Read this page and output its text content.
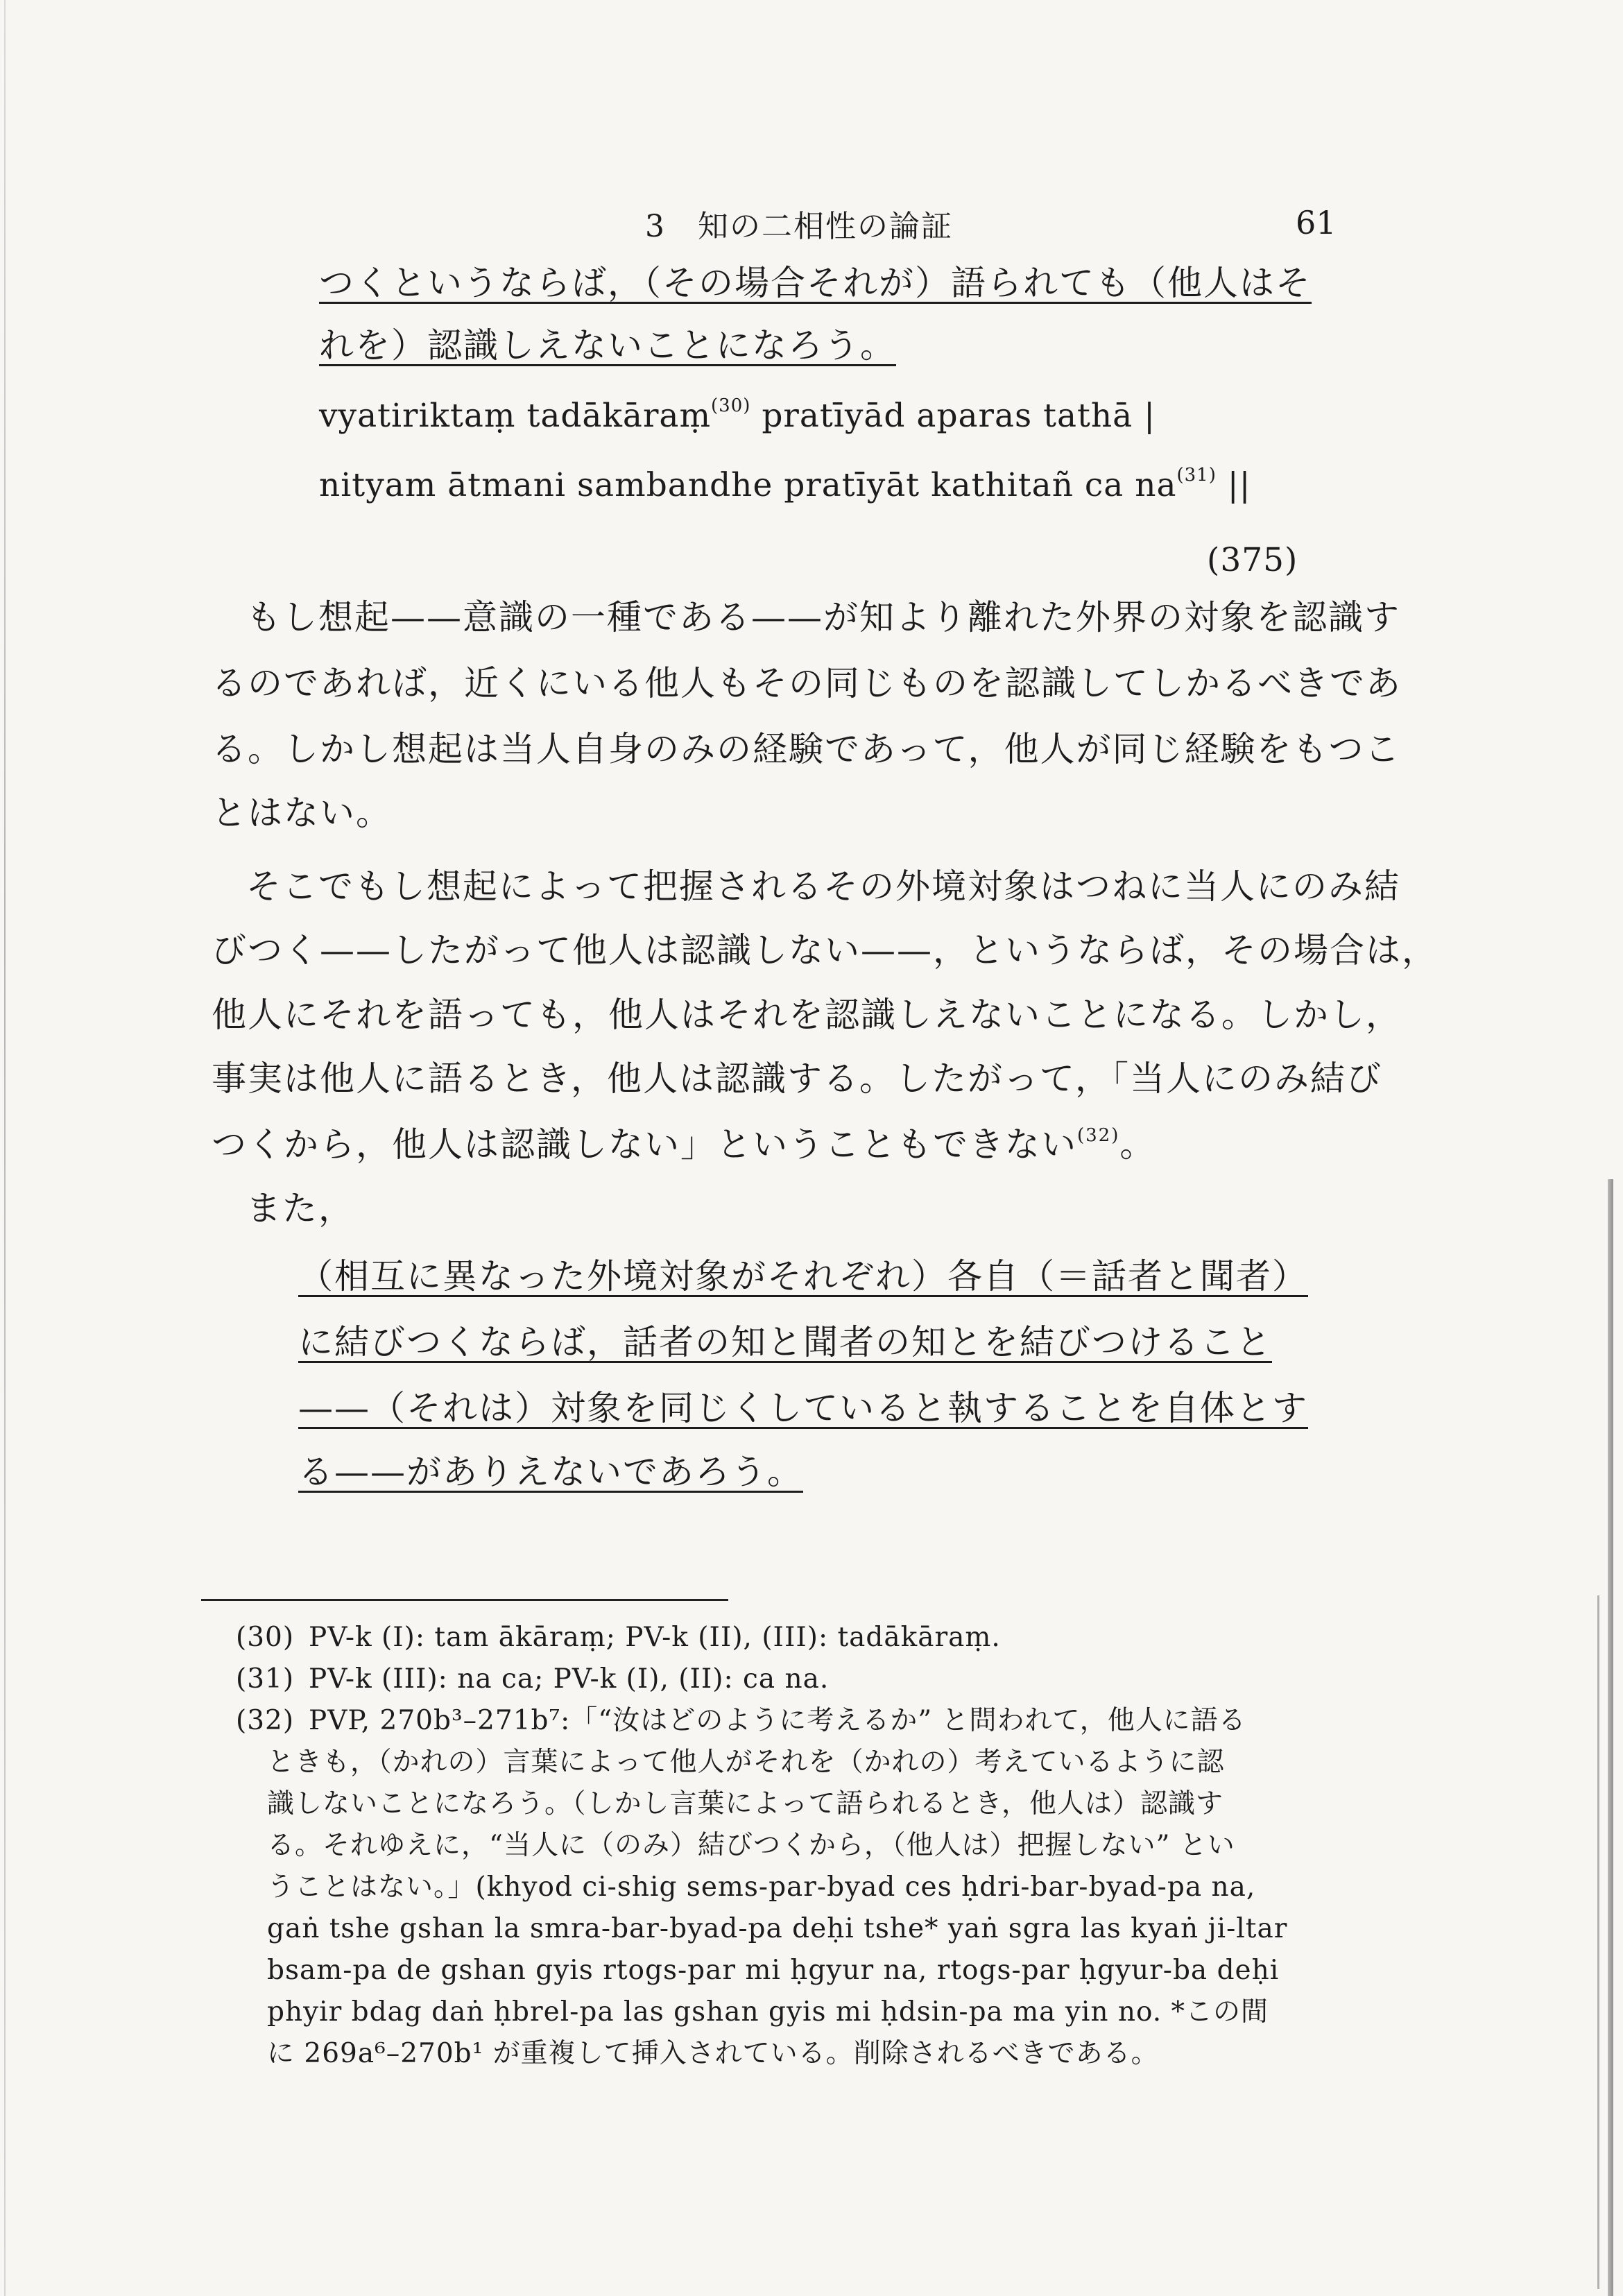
3　知の二相性の論証	61
つくというならば，（その場合それが）語られても（他人はそ
れを）認識しえないことになろう。
vyatiriktaṃ tadākāraṃ$^{(30)}$ pratīyād aparas tathā |
nityam ātmani sambandhe pratīyāt kathitañ ca $na^{(31)}$ ||
(375)
もし想起——意識の一種である——が知より離れた外界の対象を認識す
るのであれば，近くにいる他人もその同じものを認識してしかるべきであ
る。しかし想起は当人自身のみの経験であって，他人が同じ経験をもつこ
とはない。
そこでもし想起によって把握されるその外境対象はつねに当人にのみ結
びつく——したがって他人は認識しない——，というならば，その場合は，
他人にそれを語っても，他人はそれを認識しえないことになる。しかし，
事実は他人に語るとき，他人は認識する。したがって，「当人にのみ結び
つくから，他人は認識しない」ということもできない$^{(32)}$。
また，
（相互に異なった外境対象がそれぞれ）各自（＝話者と聞者）
に結びつくならば，話者の知と聞者の知とを結びつけること
——（それは）対象を同じくしていると執することを自体とす
る——がありえないであろう。
(30) PV-k (I): tam ākāraṃ; PV-k (II), (III): tadākāraṃ.
(31) PV-k (III): na ca; PV-k (I), (II): ca na.
(32) PVP, 270b³–271b⁷:「“汝はどのように考えるか” と問われて，他人に語る
ときも，（かれの）言葉によって他人がそれを（かれの）考えているように認
識しないことになろう。（しかし言葉によって語られるとき，他人は）認識す
る。それゆえに，“当人に（のみ）結びつくから，（他人は）把握しない” とい
うことはない。」(khyod ci-shig sems-par-byad ces ḥdri-bar-byad-pa na,
gaṅ tshe gshan la smra-bar-byad-pa deḥi tshe* yaṅ sgra las kyaṅ ji-ltar
bsam-pa de gshan gyis rtogs-par mi ḥgyur na, rtogs-par ḥgyur-ba deḥi
phyir bdag daṅ ḥbrel-pa las gshan gyis mi ḥdsin-pa ma yin no. *この間
に 269a⁶–270b¹ が重複して挿入されている。削除されるべきである。
